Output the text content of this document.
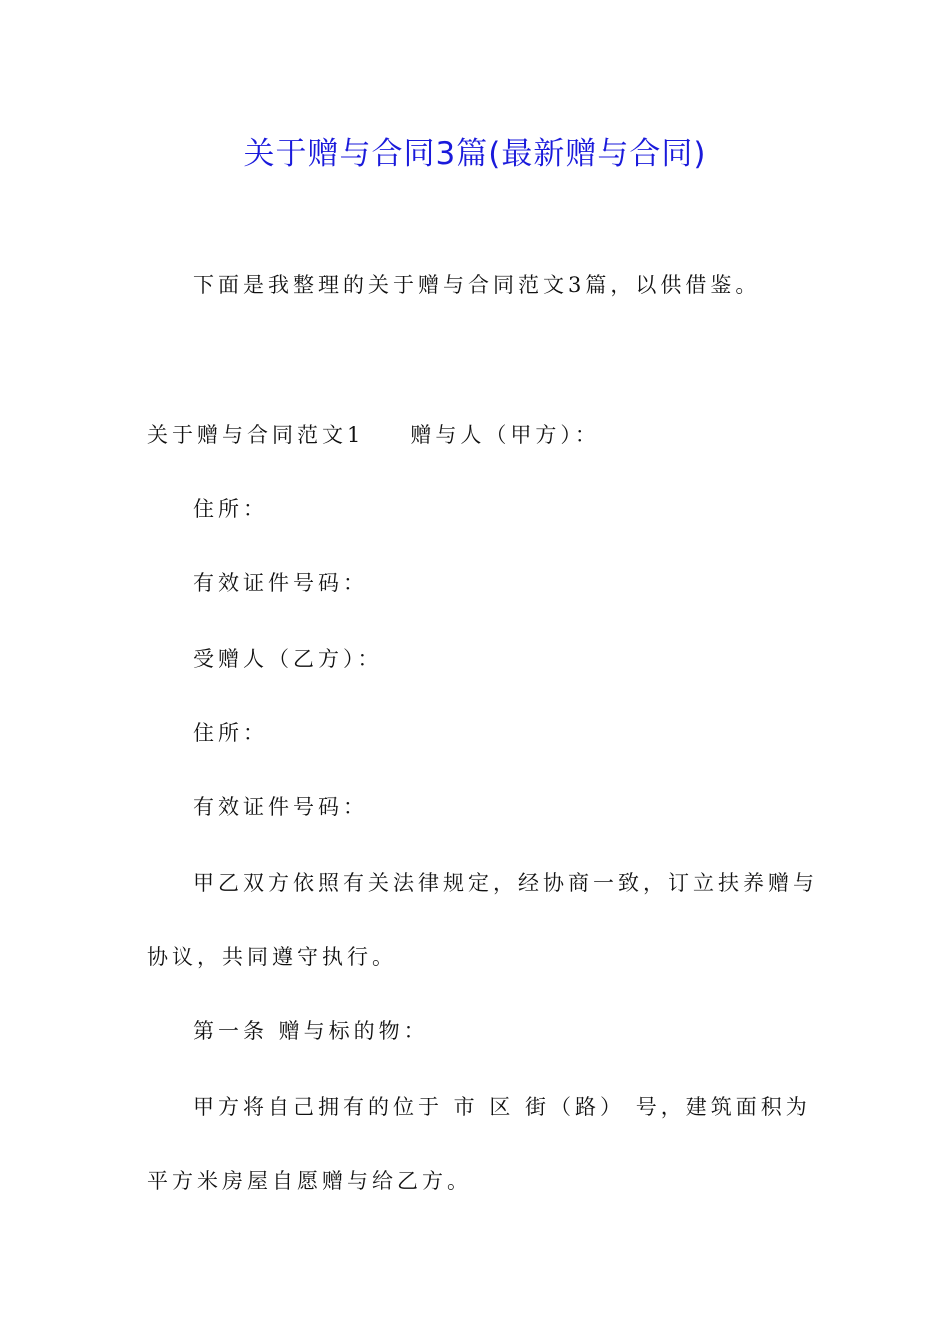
关于赠与合同3篇(最新赠与合同)
下面是我整理的关于赠与合同范文3篇，以供借鉴。
关于赠与合同范文1 赠与人（甲方）：
住所：
有效证件号码：
受赠人（乙方）：
住所：
有效证件号码：
甲乙双方依照有关法律规定，经协商一致，订立扶养赠与
协议，共同遵守执行。
第一条 赠与标的物：
甲方将自己拥有的位于 市 区 街（路） 号，建筑面积为
平方米房屋自愿赠与给乙方。
